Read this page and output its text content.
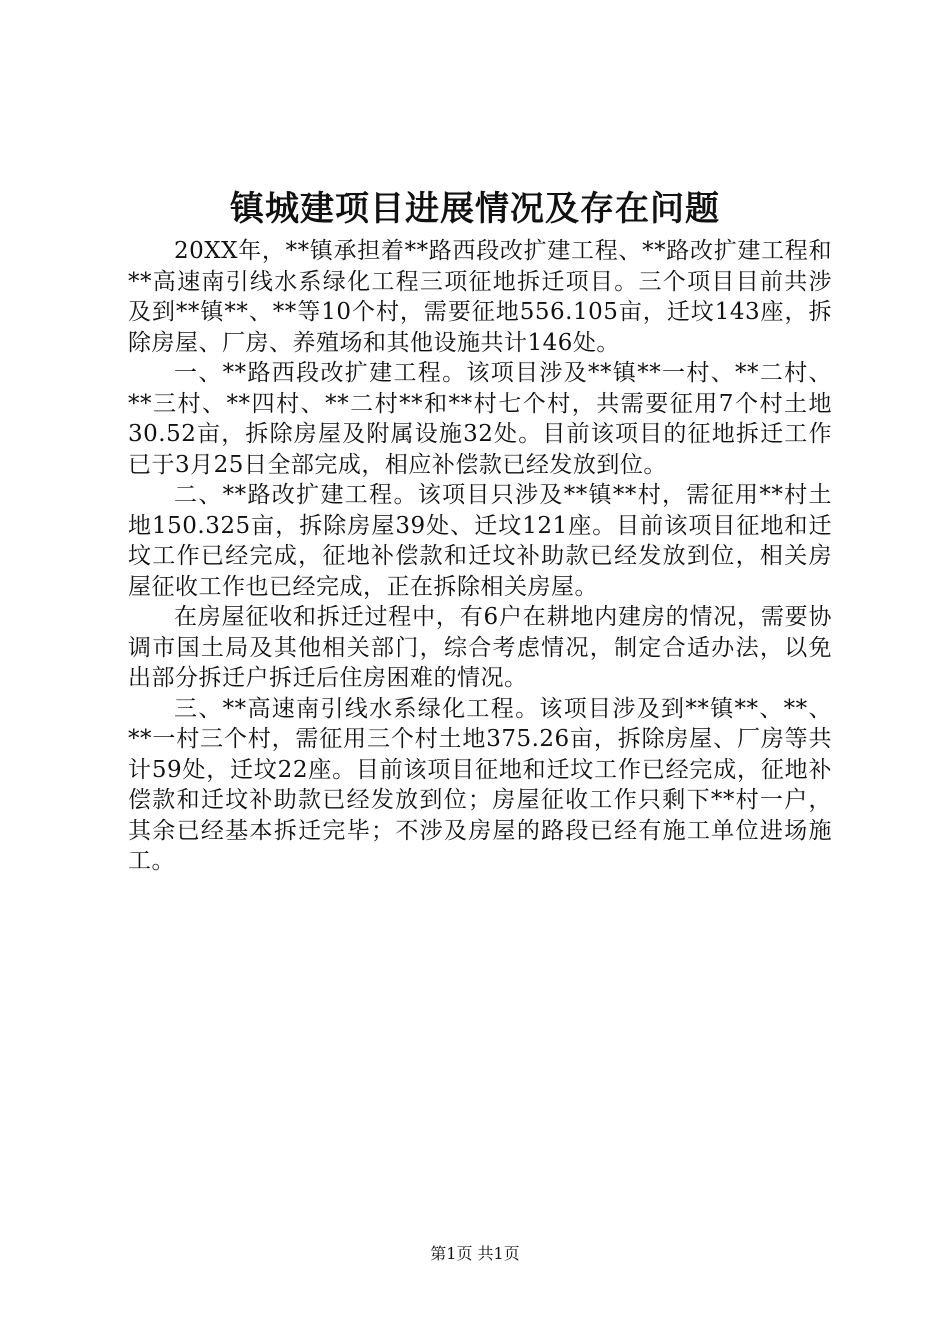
镇城建项目进展情况及存在问题

20XX年，**镇承担着**路西段改扩建工程、**路改扩建工程和**高速南引线水系绿化工程三项征地拆迁项目。三个项目目前共涉及到**镇**、**等10个村，需要征地556.105亩，迁坟143座，拆除房屋、厂房、养殖场和其他设施共计146处。

一、**路西段改扩建工程。该项目涉及**镇**一村、**二村、**三村、**四村、**二村**和**村七个村，共需要征用7个村土地30.52亩，拆除房屋及附属设施32处。目前该项目的征地拆迁工作已于3月25日全部完成，相应补偿款已经发放到位。

二、**路改扩建工程。该项目只涉及**镇**村，需征用**村土地150.325亩，拆除房屋39处、迁坟121座。目前该项目征地和迁坟工作已经完成，征地补偿款和迁坟补助款已经发放到位，相关房屋征收工作也已经完成，正在拆除相关房屋。

在房屋征收和拆迁过程中，有6户在耕地内建房的情况，需要协调市国土局及其他相关部门，综合考虑情况，制定合适办法，以免出部分拆迁户拆迁后住房困难的情况。

三、**高速南引线水系绿化工程。该项目涉及到**镇**、**、**一村三个村，需征用三个村土地375.26亩，拆除房屋、厂房等共计59处，迁坟22座。目前该项目征地和迁坟工作已经完成，征地补偿款和迁坟补助款已经发放到位；房屋征收工作只剩下**村一户，其余已经基本拆迁完毕；不涉及房屋的路段已经有施工单位进场施工。

第1页 共1页
